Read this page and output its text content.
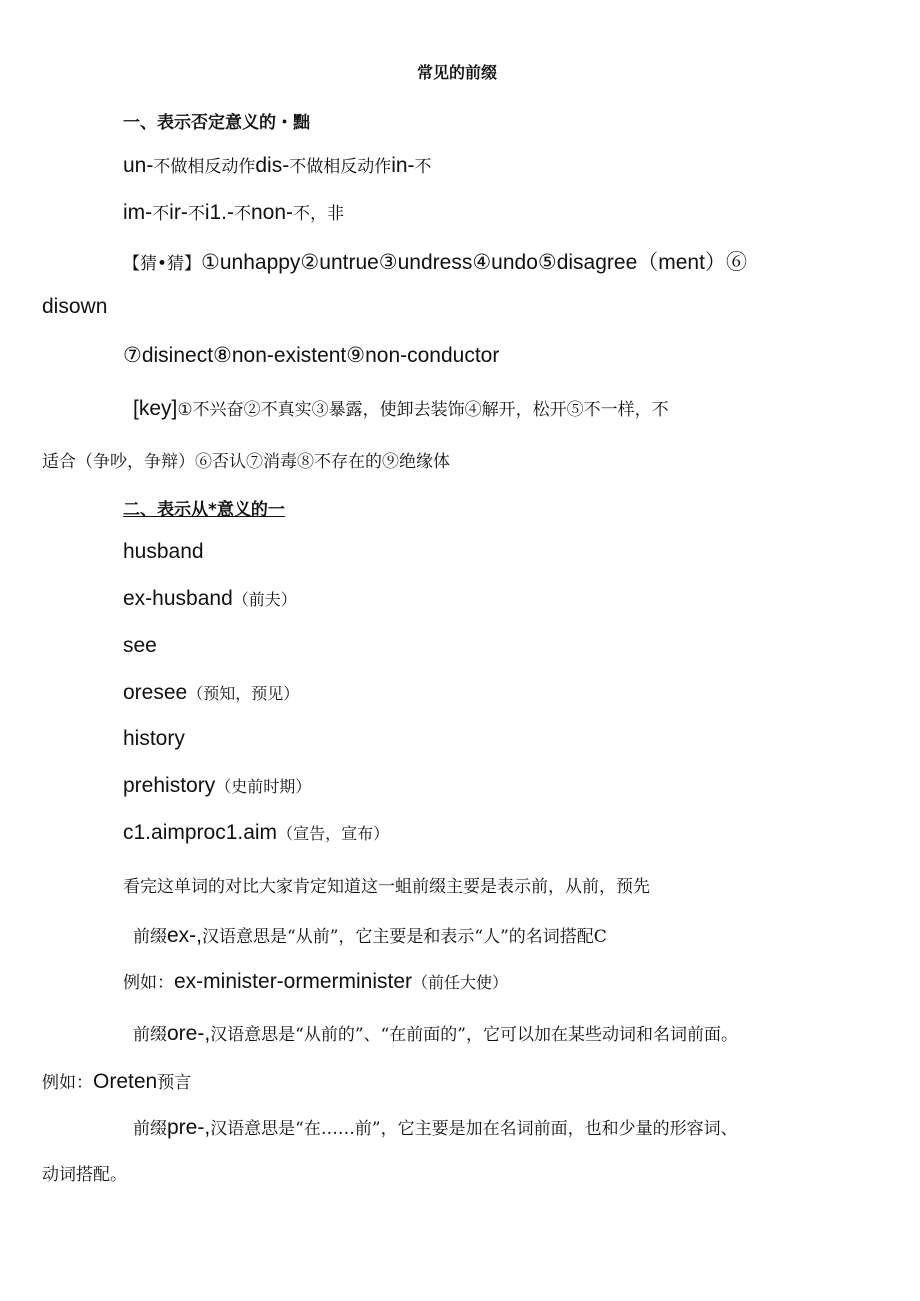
常见的前缀
一、表示否定意义的・黜
un-不做相反动作dis-不做相反动作in-不
im-不ir-不i1.-不non-不，非
【猜•猜】①unhappy②untrue③undress④undo⑤disagree（ment）⑥
disown
⑦disinect⑧non-existent⑨non-conductor
[key]①不兴奋②不真实③暴露，使卸去装饰④解开，松开⑤不一样，不
适合（争吵，争辩）⑥否认⑦消毒⑧不存在的⑨绝缘体
二、表示从*意义的一
husband
ex-husband（前夫）
see
oresee（预知，预见）
history
prehistory（史前时期）
c1.aimproc1.aim（宣告，宣布）
看完这单词的对比大家肯定知道这一蛆前缀主要是表示前，从前，预先
前缀ex-,汉语意思是“从前”，它主要是和表示“人”的名词搭配C
例如：ex-minister-ormerminister（前任大使）
前缀ore-,汉语意思是“从前的”、“在前面的”，它可以加在某些动词和名词前面。
例如：Oreten预言
前缀pre-,汉语意思是“在……前”，它主要是加在名词前面，也和少量的形容词、
动词搭配。
